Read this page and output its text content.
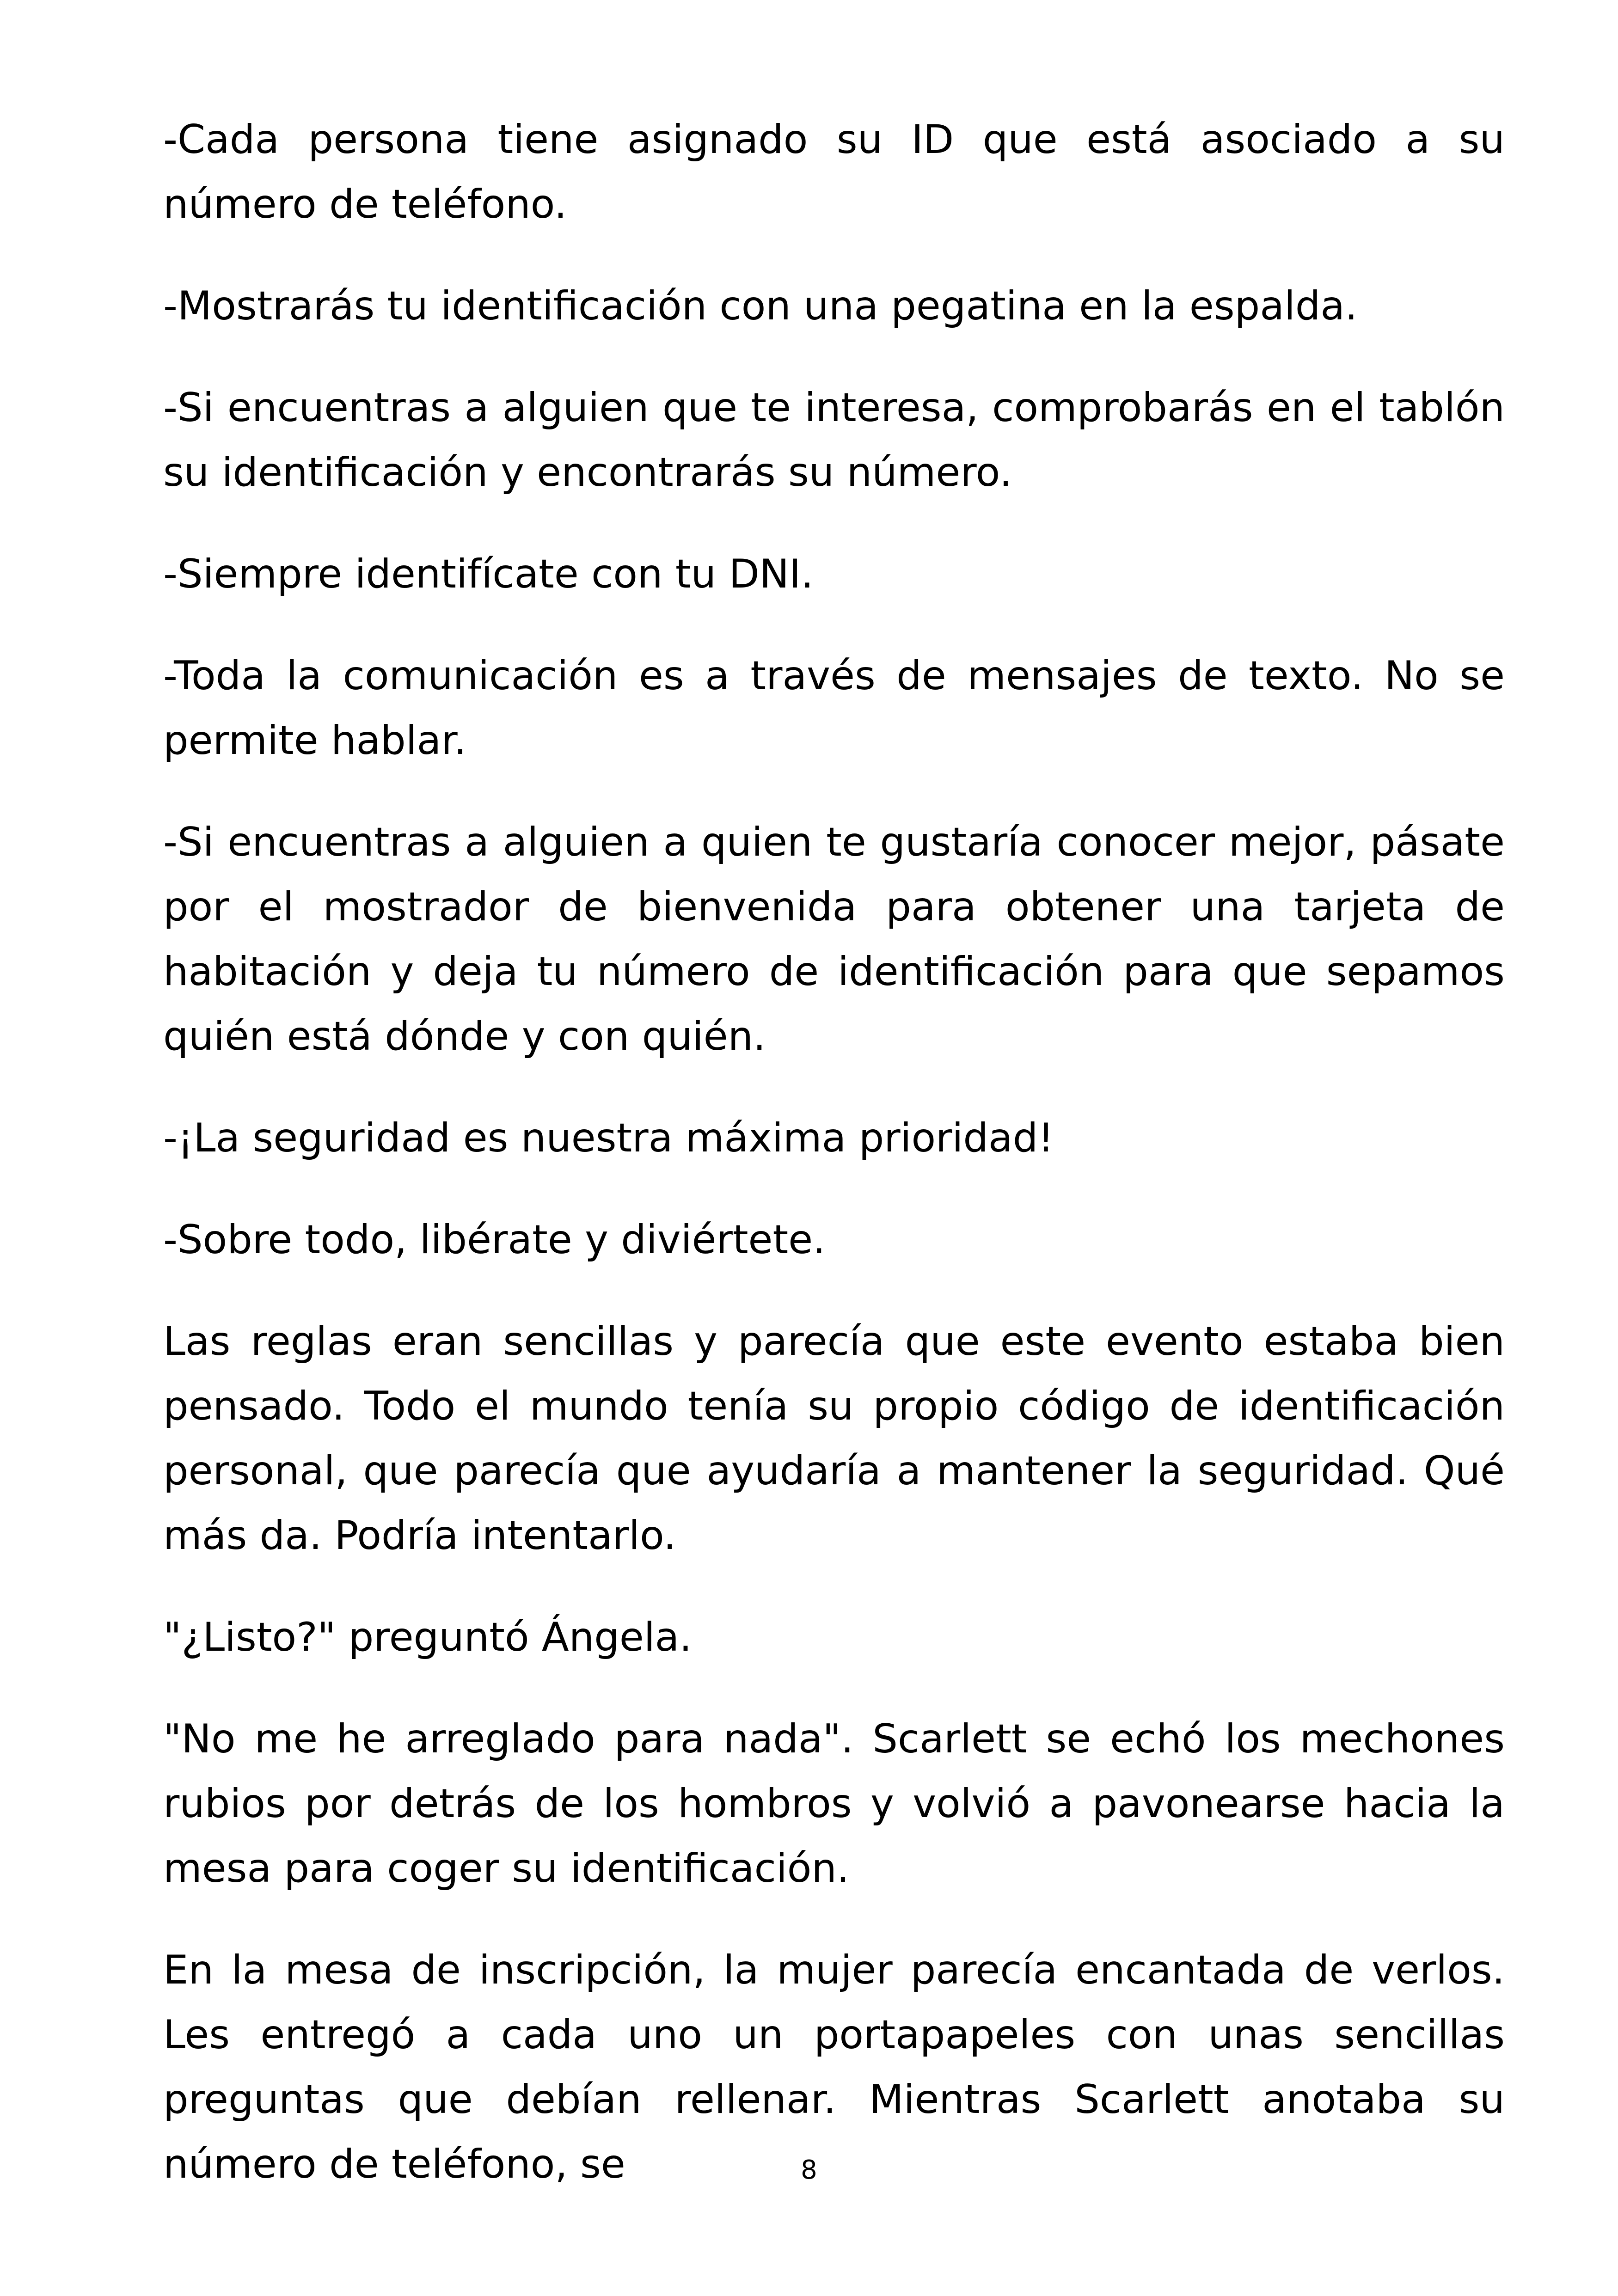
-Cada persona tiene asignado su ID que está asociado a su número de teléfono.

-Mostrarás tu identificación con una pegatina en la espalda.

-Si encuentras a alguien que te interesa, comprobarás en el tablón su identificación y encontrarás su número.

-Siempre identifícate con tu DNI.

-Toda la comunicación es a través de mensajes de texto. No se permite hablar.

-Si encuentras a alguien a quien te gustaría conocer mejor, pásate por el mostrador de bienvenida para obtener una tarjeta de habitación y deja tu número de identificación para que sepamos quién está dónde y con quién.

-¡La seguridad es nuestra máxima prioridad!

-Sobre todo, libérate y diviértete.

Las reglas eran sencillas y parecía que este evento estaba bien pensado. Todo el mundo tenía su propio código de identificación personal, que parecía que ayudaría a mantener la seguridad. Qué más da. Podría intentarlo.

"¿Listo?" preguntó Ángela.

"No me he arreglado para nada". Scarlett se echó los mechones rubios por detrás de los hombros y volvió a pavonearse hacia la mesa para coger su identificación.

En la mesa de inscripción, la mujer parecía encantada de verlos. Les entregó a cada uno un portapapeles con unas sencillas preguntas que debían rellenar. Mientras Scarlett anotaba su número de teléfono, se	8
